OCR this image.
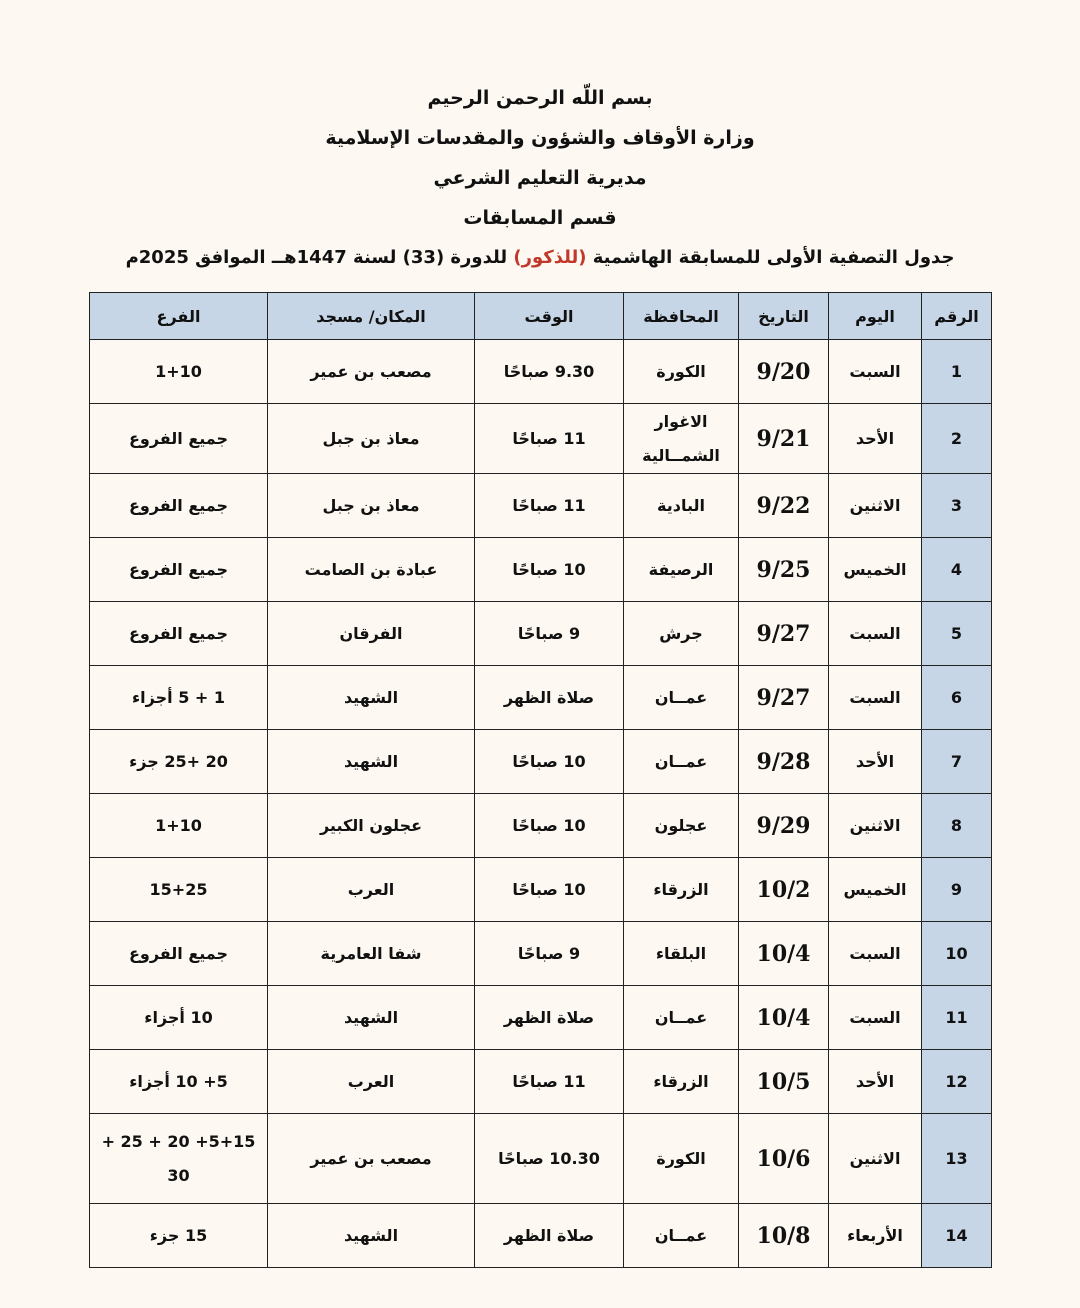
بسم اللّه الرحمن الرحيم
وزارة الأوقاف والشؤون والمقدسات الإسلامية
مديرية التعليم الشرعي
قسم المسابقات
جدول التصفية الأولى للمسابقة الهاشمية (للذكور) للدورة (33) لسنة 1447هــ الموافق 2025م
الرقم	اليوم	التاريخ	المحافظة	الوقت	المكان/ مسجد	الفرع
1	السبت	9/20	الكورة	9.30 صباحًا	مصعب بن عمير	1+10
2	الأحد	9/21	الاغوار الشمــالية	11 صباحًا	معاذ بن جبل	جميع الفروع
3	الاثنين	9/22	البادية	11 صباحًا	معاذ بن جبل	جميع الفروع
4	الخميس	9/25	الرصيفة	10 صباحًا	عبادة بن الصامت	جميع الفروع
5	السبت	9/27	جرش	9 صباحًا	الفرقان	جميع الفروع
6	السبت	9/27	عمــان	صلاة الظهر	الشهيد	1 + 5 أجزاء
7	الأحد	9/28	عمــان	10 صباحًا	الشهيد	20 +25 جزء
8	الاثنين	9/29	عجلون	10 صباحًا	عجلون الكبير	1+10
9	الخميس	10/2	الزرقاء	10 صباحًا	العرب	15+25
10	السبت	10/4	البلقاء	9 صباحًا	شفا العامرية	جميع الفروع
11	السبت	10/4	عمــان	صلاة الظهر	الشهيد	10 أجزاء
12	الأحد	10/5	الزرقاء	11 صباحًا	العرب	5+ 10 أجزاء
13	الاثنين	10/6	الكورة	10.30 صباحًا	مصعب بن عمير	5+15+ 20 + 25 + 30
14	الأربعاء	10/8	عمــان	صلاة الظهر	الشهيد	15 جزء
